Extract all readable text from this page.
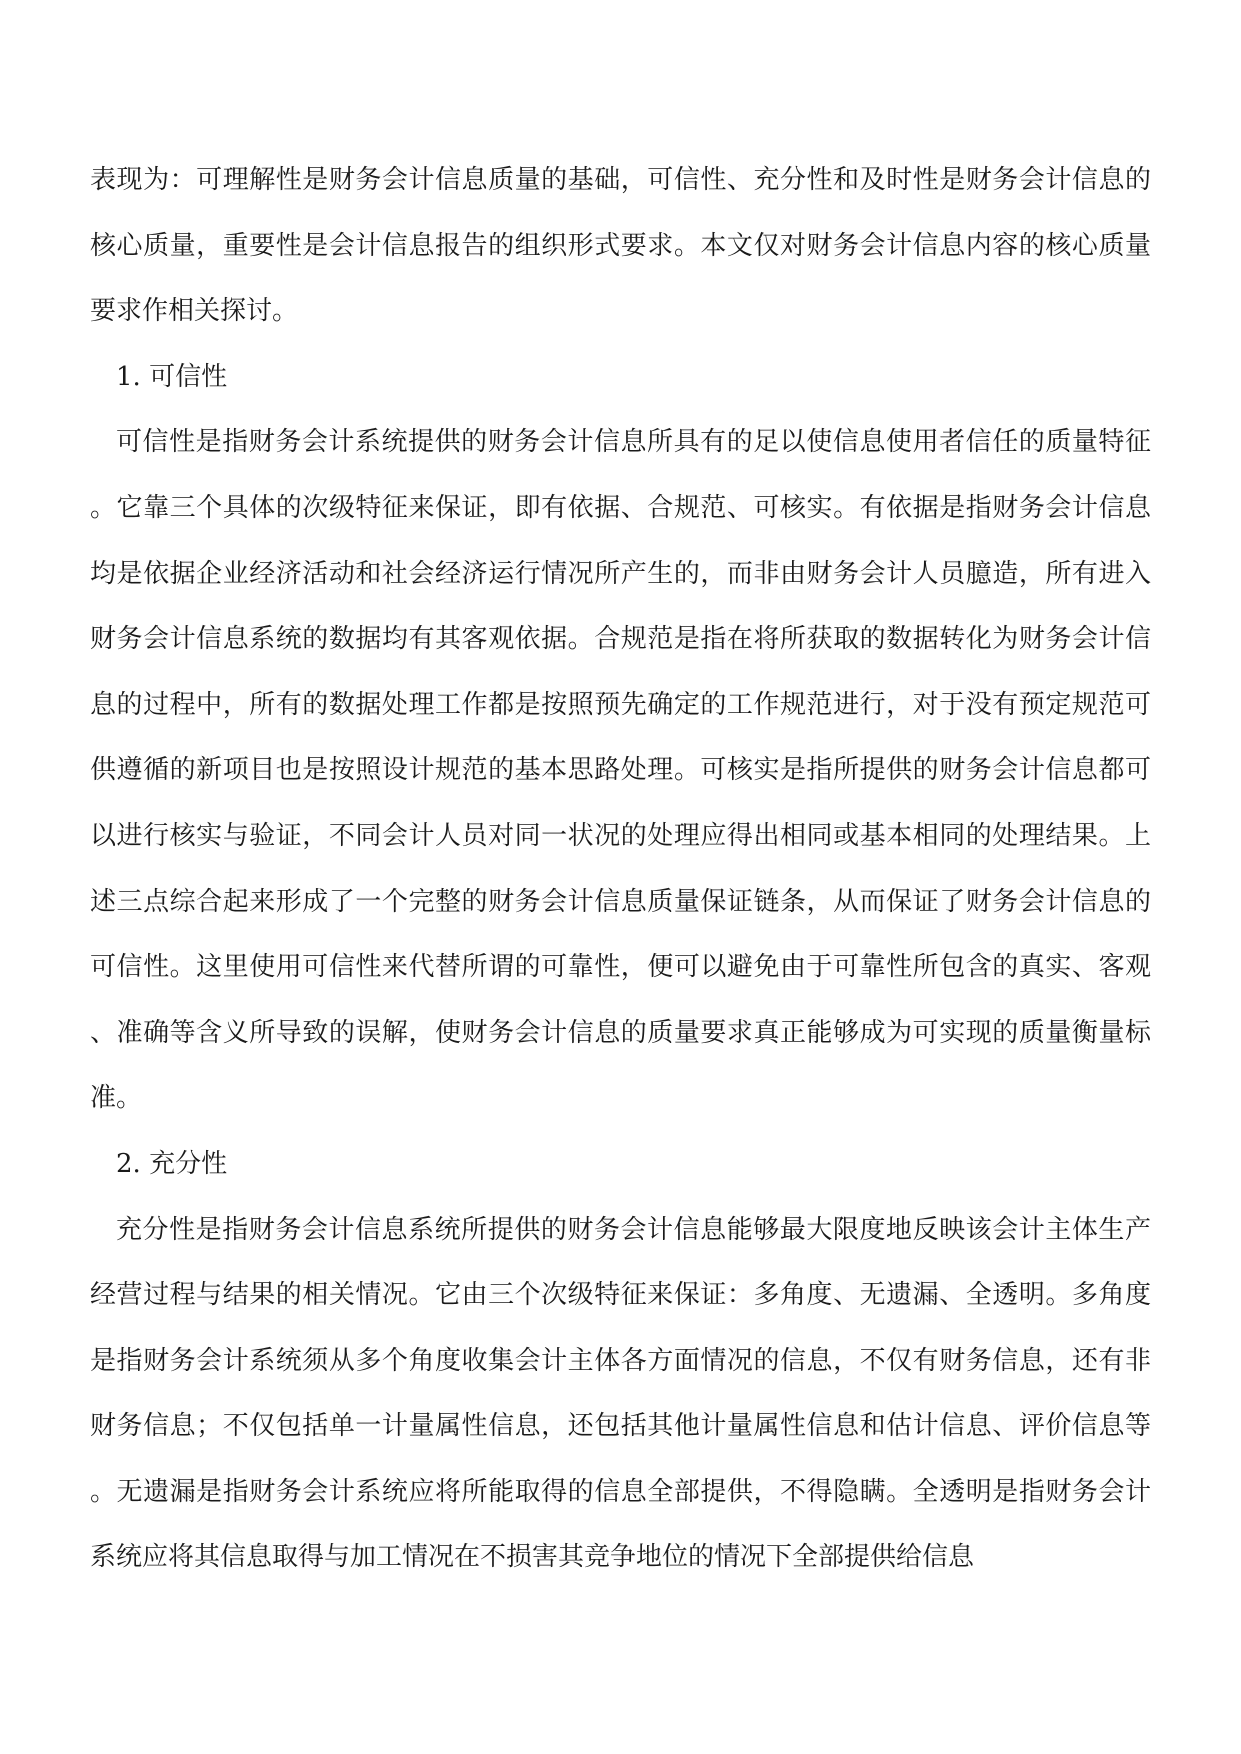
表现为：可理解性是财务会计信息质量的基础，可信性、充分性和及时性是财务会计信息的核心质量，重要性是会计信息报告的组织形式要求。本文仅对财务会计信息内容的核心质量要求作相关探讨。

1. 可信性

可信性是指财务会计系统提供的财务会计信息所具有的足以使信息使用者信任的质量特征。它靠三个具体的次级特征来保证，即有依据、合规范、可核实。有依据是指财务会计信息均是依据企业经济活动和社会经济运行情况所产生的，而非由财务会计人员臆造，所有进入财务会计信息系统的数据均有其客观依据。合规范是指在将所获取的数据转化为财务会计信息的过程中，所有的数据处理工作都是按照预先确定的工作规范进行，对于没有预定规范可供遵循的新项目也是按照设计规范的基本思路处理。可核实是指所提供的财务会计信息都可以进行核实与验证，不同会计人员对同一状况的处理应得出相同或基本相同的处理结果。上述三点综合起来形成了一个完整的财务会计信息质量保证链条，从而保证了财务会计信息的可信性。这里使用可信性来代替所谓的可靠性，便可以避免由于可靠性所包含的真实、客观、准确等含义所导致的误解，使财务会计信息的质量要求真正能够成为可实现的质量衡量标准。

2. 充分性

充分性是指财务会计信息系统所提供的财务会计信息能够最大限度地反映该会计主体生产经营过程与结果的相关情况。它由三个次级特征来保证：多角度、无遗漏、全透明。多角度是指财务会计系统须从多个角度收集会计主体各方面情况的信息，不仅有财务信息，还有非财务信息；不仅包括单一计量属性信息，还包括其他计量属性信息和估计信息、评价信息等。无遗漏是指财务会计系统应将所能取得的信息全部提供，不得隐瞒。全透明是指财务会计系统应将其信息取得与加工情况在不损害其竞争地位的情况下全部提供给信息
